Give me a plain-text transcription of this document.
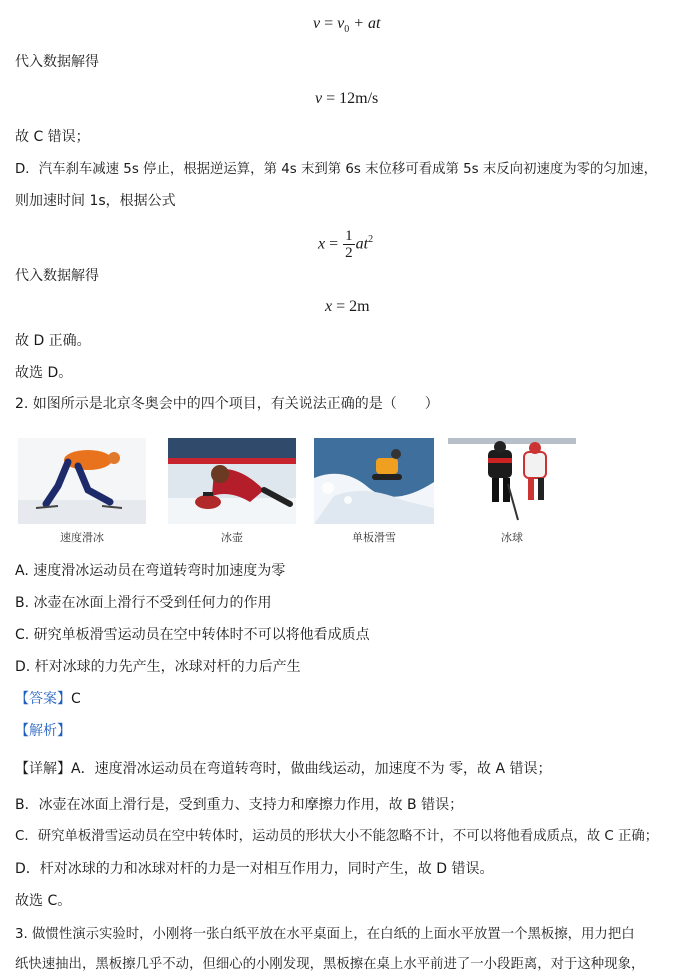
$v = v_0$ + at
代入数据解得
v = 12m/s
故 C 错误；
D．汽车刹车减速 5s 停止，根据逆运算，第 4s 末到第 6s 末位移可看成第 5s 末反向初速度为零的匀加速，
则加速时间 1s，根据公式
$x = \frac{1}{2} at^2$
代入数据解得
x = 2m
故 D 正确。
故选 D。
2. 如图所示是北京冬奥会中的四个项目，有关说法正确的是（　　）
速度滑冰	冰壶	单板滑雪	冰球
A. 速度滑冰运动员在弯道转弯时加速度为零
B. 冰壶在冰面上滑行不受到任何力的作用
C. 研究单板滑雪运动员在空中转体时不可以将他看成质点
D. 杆对冰球的力先产生，冰球对杆的力后产生
【答案】C
【解析】
【详解】A．速度滑冰运动员在弯道转弯时，做曲线运动，加速度不为 零，故 A 错误；
B．冰壶在冰面上滑行是，受到重力、支持力和摩擦力作用，故 B 错误；
C．研究单板滑雪运动员在空中转体时，运动员的形状大小不能忽略不计，不可以将他看成质点，故 C 正确；
D．杆对冰球的力和冰球对杆的力是一对相互作用力，同时产生，故 D 错误。
故选 C。
3. 做惯性演示实验时，小刚将一张白纸平放在水平桌面上，在白纸的上面水平放置一个黑板擦，用力把白
纸快速抽出，黑板擦几乎不动，但细心的小刚发现，黑板擦在桌上水平前进了一小段距离，对于这种现象，
